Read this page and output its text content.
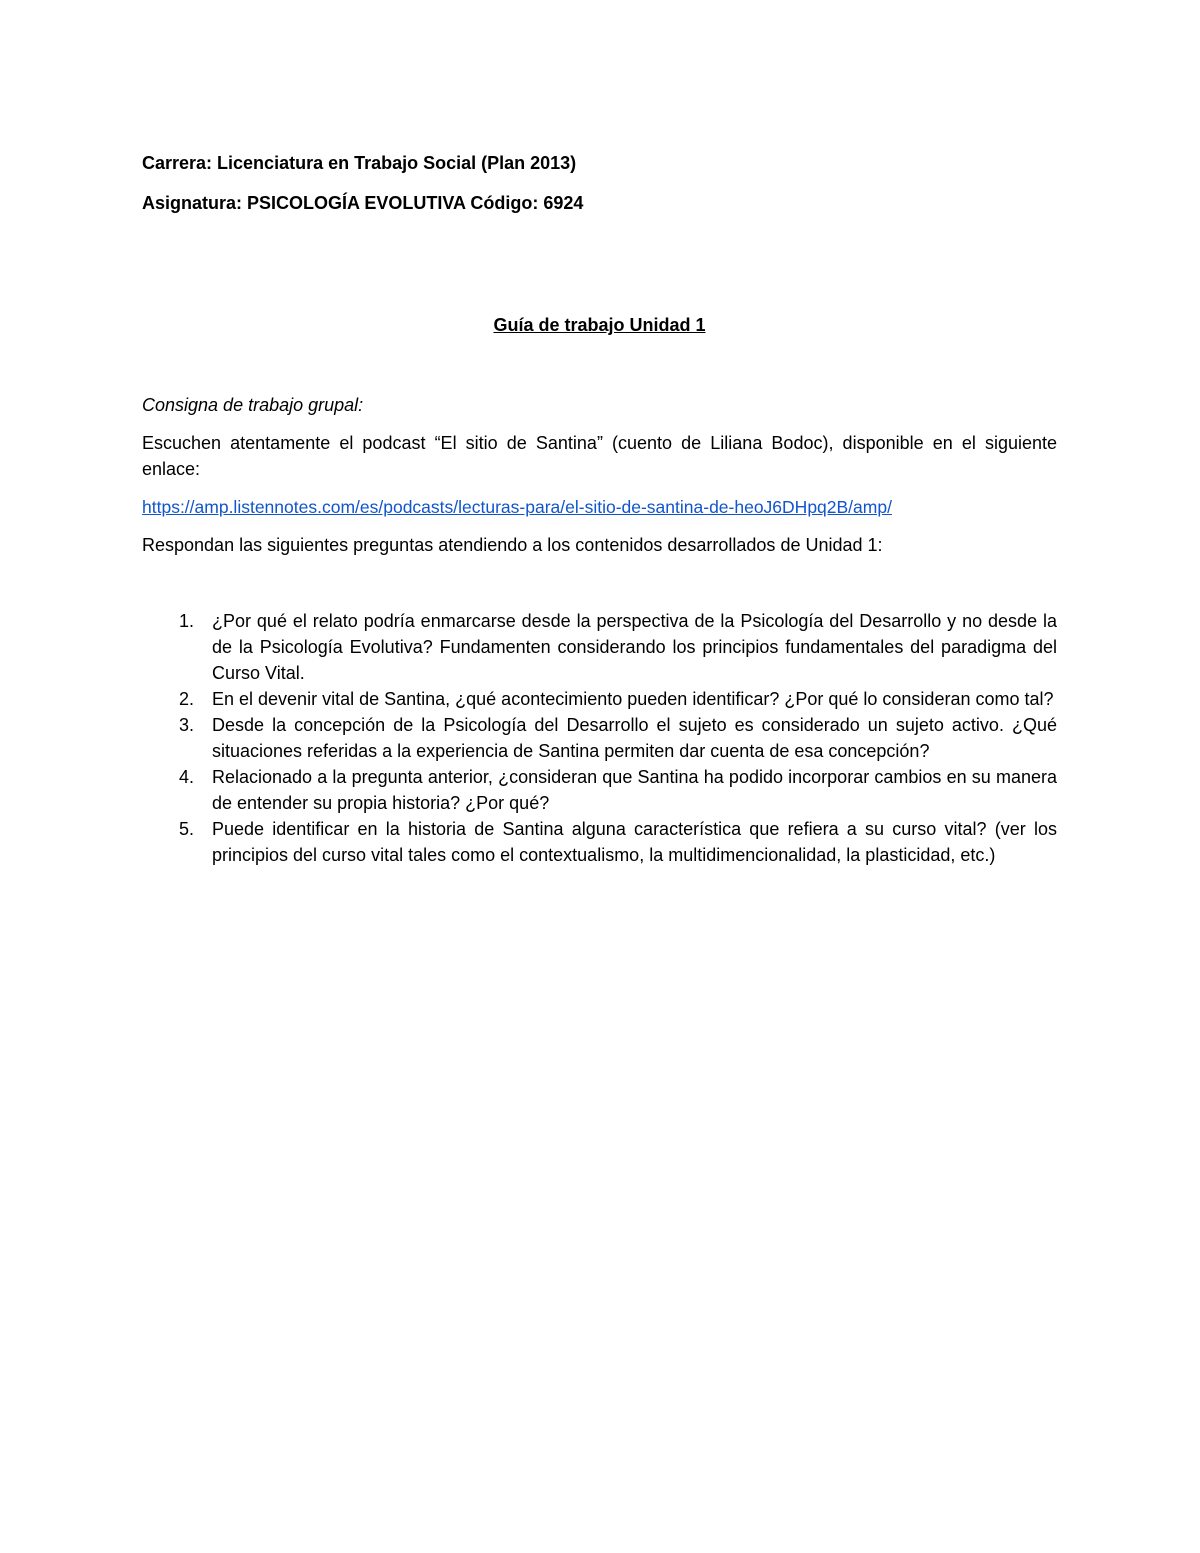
Carrera: Licenciatura en Trabajo Social (Plan 2013)

Asignatura: PSICOLOGÍA EVOLUTIVA Código: 6924

Guía de trabajo Unidad 1

Consigna de trabajo grupal:

Escuchen atentamente el podcast “El sitio de Santina” (cuento de Liliana Bodoc), disponible en el siguiente enlace:

https://amp.listennotes.com/es/podcasts/lecturas-para/el-sitio-de-santina-de-heoJ6DHpq2B/amp/

Respondan las siguientes preguntas atendiendo a los contenidos desarrollados de Unidad 1:

1.	¿Por qué el relato podría enmarcarse desde la perspectiva de la Psicología del Desarrollo y no desde la de la Psicología Evolutiva? Fundamenten considerando los principios fundamentales del paradigma del Curso Vital.
2.	En el devenir vital de Santina, ¿qué acontecimiento pueden identificar? ¿Por qué lo consideran como tal?
3.	Desde la concepción de la Psicología del Desarrollo el sujeto es considerado un sujeto activo. ¿Qué situaciones referidas a la experiencia de Santina permiten dar cuenta de esa concepción?
4.	Relacionado a la pregunta anterior, ¿consideran que Santina ha podido incorporar cambios en su manera de entender su propia historia? ¿Por qué?
5.	Puede identificar en la historia de Santina alguna característica que refiera a su curso vital? (ver los principios del curso vital tales como el contextualismo, la multidimencionalidad, la plasticidad, etc.)
